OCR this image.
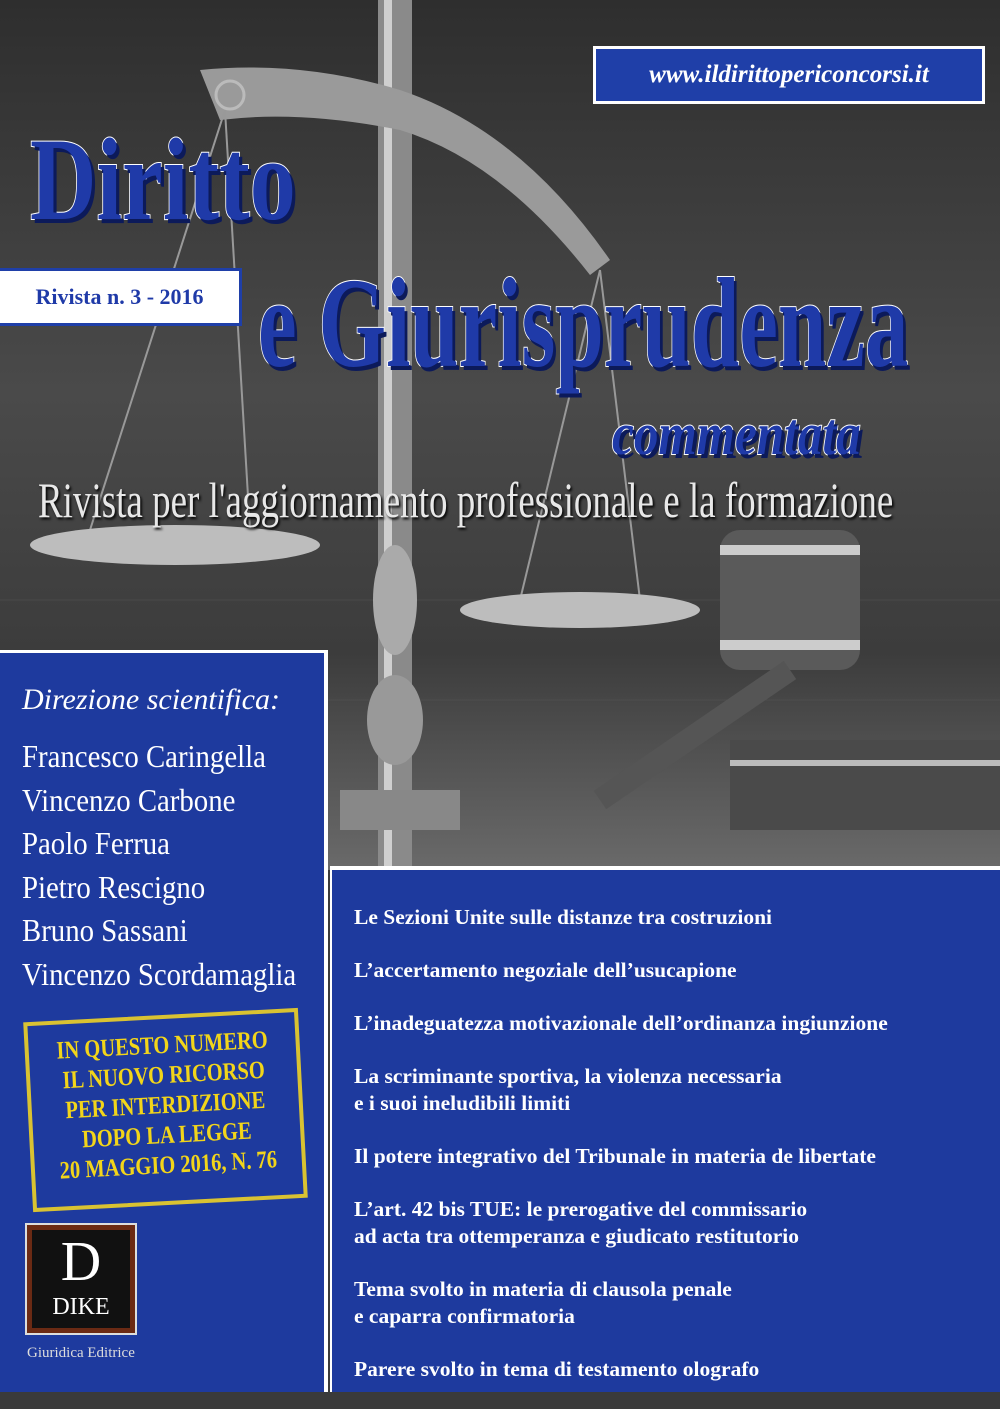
www.ildirittopericoncorsi.it
Rivista n. 3 - 2016
Diritto
e Giurisprudenza
commentata
Rivista per l'aggiornamento professionale e la formazione
Direzione scientifica:
Francesco Caringella
Vincenzo Carbone
Paolo Ferrua
Pietro Rescigno
Bruno Sassani
Vincenzo Scordamaglia
IN QUESTO NUMERO
IL NUOVO RICORSO
PER INTERDIZIONE
DOPO LA LEGGE
20 MAGGIO 2016, N. 76
D
DIKE
Giuridica Editrice
Le Sezioni Unite sulle distanze tra costruzioni
L’accertamento negoziale dell’usucapione
L’inadeguatezza motivazionale dell’ordinanza ingiunzione
La scriminante sportiva, la violenza necessaria
e i suoi ineludibili limiti
Il potere integrativo del Tribunale in materia de libertate
L’art. 42 bis TUE: le prerogative del commissario
ad acta tra ottemperanza e giudicato restitutorio
Tema svolto in materia di clausola penale
e caparra confirmatoria
Parere svolto in tema di testamento olografo
